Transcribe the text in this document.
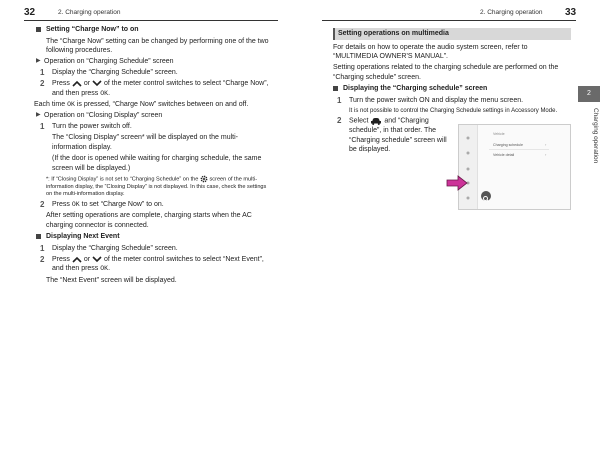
32	2. Charging operation	2. Charging operation 33
2
Charging operation
Setting “Charge Now” to on

The “Charge Now” setting can be changed by performing one of the two following procedures.

▶ Operation on “Charging Schedule” screen
1	Display the “Charging Schedule” screen.
2	Press or of the meter control switches to select “Charge Now”, and then press OK.

Each time OK is pressed, “Charge Now” switches between on and off.

▶ Operation on “Closing Display” screen
1	Turn the power switch off.

The “Closing Display” screen* will be displayed on the multi-information display.

(If the door is opened while waiting for charging schedule, the same screen will be displayed.)

*: If “Closing Display” is not set to “Charging Schedule” on the screen of the multi-information display, the “Closing Display” is not displayed. In this case, check the settings on the multi-information display.
2	Press OK to set “Charge Now” to on.

After setting operations are complete, charging starts when the AC charging connector is connected.

Displaying Next Event
1	Display the “Charging Schedule” screen.
2	Press or of the meter control switches to select “Next Event”, and then press OK.

The “Next Event” screen will be displayed.

Setting operations on multimedia

For details on how to operate the audio system screen, refer to “MULTIMEDIA OWNER’S MANUAL”.

Setting operations related to the charging schedule are performed on the “Charging schedule” screen.

Displaying the “Charging schedule” screen
1	Turn the power switch ON and display the menu screen.

It is not possible to control the Charging Schedule settings in Accessory Mode.

2	Select and “Charging schedule”, in that order. The “Charging schedule” screen will be displayed.
Vehicle
Charging schedule
Vehicle detail
›
›
